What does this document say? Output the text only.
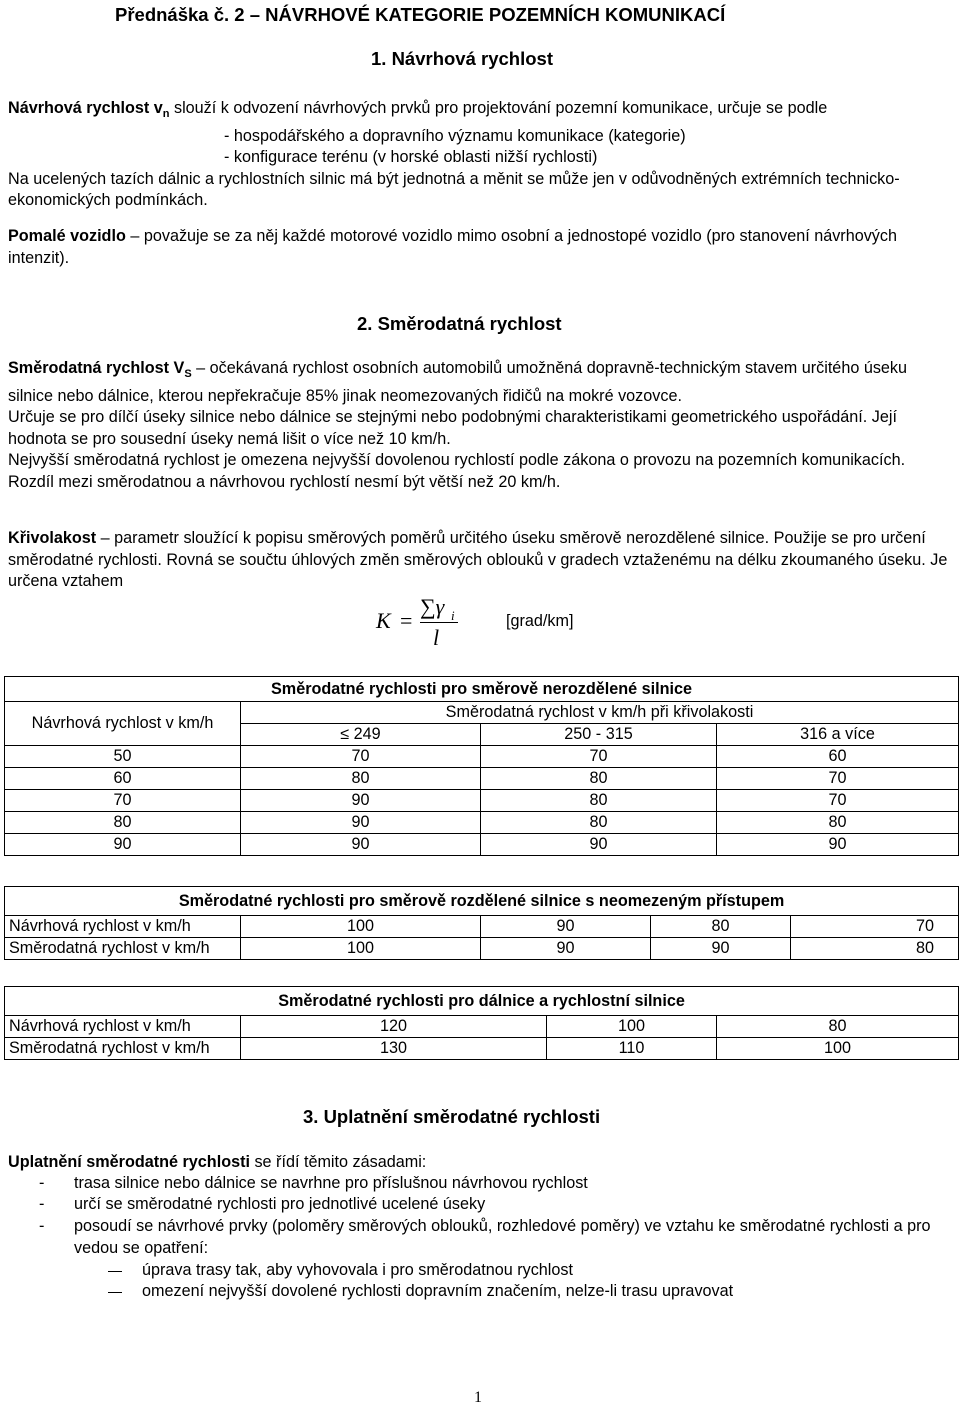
Přednáška č. 2 – NÁVRHOVÉ KATEGORIE POZEMNÍCH KOMUNIKACÍ
1. Návrhová rychlost

Návrhová rychlost $v_n$ slouží k odvození návrhových prvků pro projektování pozemní komunikace, určuje se podle

- hospodářského a dopravního významu komunikace (kategorie)

- konfigurace terénu (v horské oblasti nižší rychlosti)

Na ucelených tazích dálnic a rychlostních silnic má být jednotná a měnit se může jen v odůvodněných extrémních technicko-ekonomických podmínkách.

Pomalé vozidlo – považuje se za něj každé motorové vozidlo mimo osobní a jednostopé vozidlo (pro stanovení návrhových intenzit).

2. Směrodatná rychlost

Směrodatná rychlost $V_S$ – očekávaná rychlost osobních automobilů umožněná dopravně-technickým stavem určitého úseku silnice nebo dálnice, kterou nepřekračuje 85% jinak neomezovaných řidičů na mokré vozovce.

Určuje se pro dílčí úseky silnice nebo dálnice se stejnými nebo podobnými charakteristikami geometrického uspořádání. Její hodnota se pro sousední úseky nemá lišit o více než 10 km/h.

Nejvyšší směrodatná rychlost je omezena nejvyšší dovolenou rychlostí podle zákona o provozu na pozemních komunikacích.

Rozdíl mezi směrodatnou a návrhovou rychlostí nesmí být větší než 20 km/h.

Křivolakost – parametr sloužící k popisu směrových poměrů určitého úseku směrově nerozdělené silnice. Použije se pro určení směrodatné rychlosti. Rovná se součtu úhlových změn směrových oblouků v gradech vztaženému na délku zkoumaného úseku. Je určena vztahem

K =
∑γ i
l
[grad/km]
Směrodatné rychlosti pro směrově nerozdělené silnice			
Návrhová rychlost v km/h	Směrodatná rychlost v km/h při křivolakosti		
	≤ 249	250 - 315	316 a více
50	70	70	60
60	80	80	70
70	90	80	70
80	90	80	80
90	90	90	90
Směrodatné rychlosti pro směrově rozdělené silnice s neomezeným přístupem				
Návrhová rychlost v km/h	100	90	80	70
Směrodatná rychlost v km/h	100	90	90	80
Směrodatné rychlosti pro dálnice a rychlostní silnice			
Návrhová rychlost v km/h	120	100	80
Směrodatná rychlost v km/h	130	110	100
3. Uplatnění směrodatné rychlosti

Uplatnění směrodatné rychlosti se řídí těmito zásadami:

-	trasa silnice nebo dálnice se navrhne pro příslušnou návrhovou rychlost

-	určí se směrodatné rychlosti pro jednotlivé ucelené úseky

-	posoudí se návrhové prvky (poloměry směrových oblouků, rozhledové poměry) ve vztahu ke směrodatné rychlosti a pro vedou se opatření:

úprava trasy tak, aby vyhovovala i pro směrodatnou rychlost
omezení nejvyšší dovolené rychlosti dopravním značením, nelze-li trasu upravovat
1
